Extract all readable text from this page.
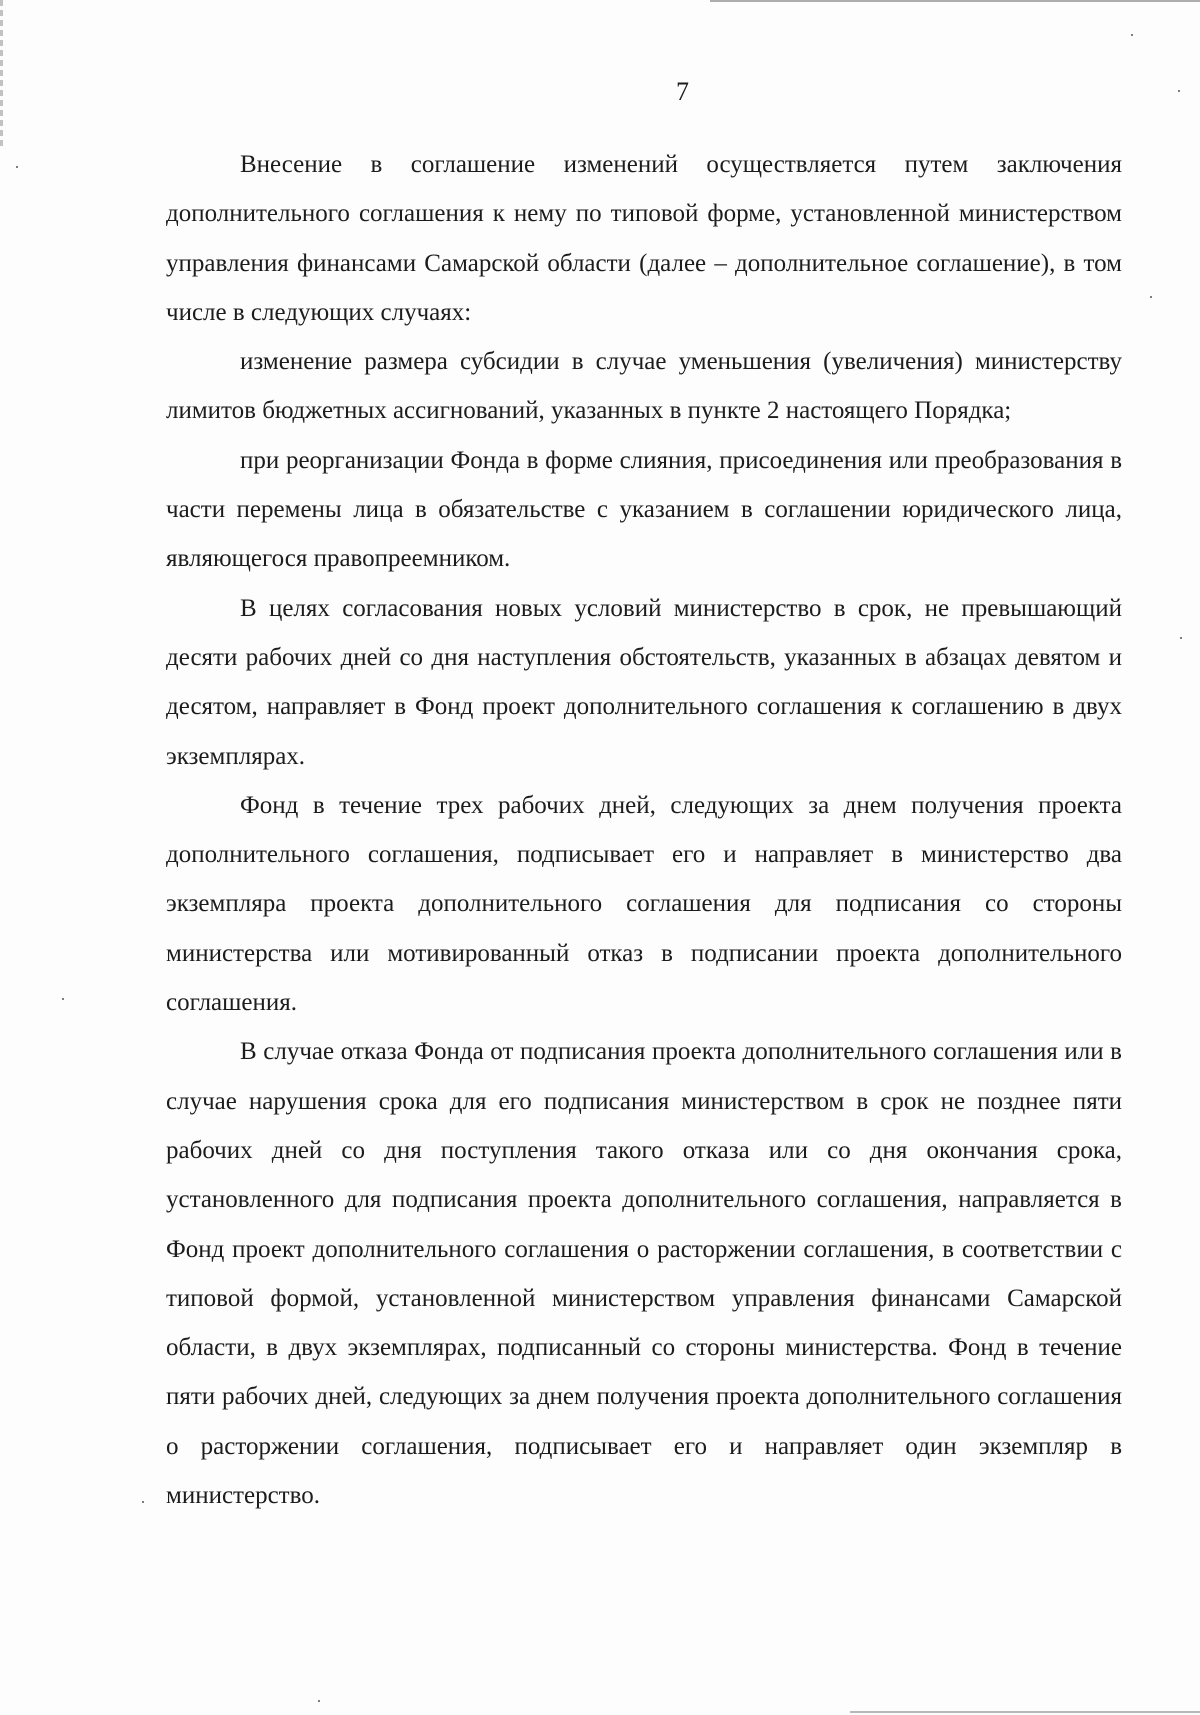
7

Внесение в соглашение изменений осуществляется путем заключения дополнительного соглашения к нему по типовой форме, установленной министерством управления финансами Самарской области (далее – дополнительное соглашение), в том числе в следующих случаях:

изменение размера субсидии в случае уменьшения (увеличения) министерству лимитов бюджетных ассигнований, указанных в пункте 2 настоящего Порядка;

при реорганизации Фонда в форме слияния, присоединения или преобразования в части перемены лица в обязательстве с указанием в соглашении юридического лица, являющегося правопреемником.

В целях согласования новых условий министерство в срок, не превышающий десяти рабочих дней со дня наступления обстоятельств, указанных в абзацах девятом и десятом, направляет в Фонд проект дополнительного соглашения к соглашению в двух экземплярах.

Фонд в течение трех рабочих дней, следующих за днем получения проекта дополнительного соглашения, подписывает его и направляет в министерство два экземпляра проекта дополнительного соглашения для подписания со стороны министерства или мотивированный отказ в подписании проекта дополнительного соглашения.

В случае отказа Фонда от подписания проекта дополнительного соглашения или в случае нарушения срока для его подписания министерством в срок не позднее пяти рабочих дней со дня поступления такого отказа или со дня окончания срока, установленного для подписания проекта дополнительного соглашения, направляется в Фонд проект дополнительного соглашения о расторжении соглашения, в соответствии с типовой формой, установленной министерством управления финансами Самарской области, в двух экземплярах, подписанный со стороны министерства. Фонд в течение пяти рабочих дней, следующих за днем получения проекта дополнительного соглашения о расторжении соглашения, подписывает его и направляет один экземпляр в министерство.
